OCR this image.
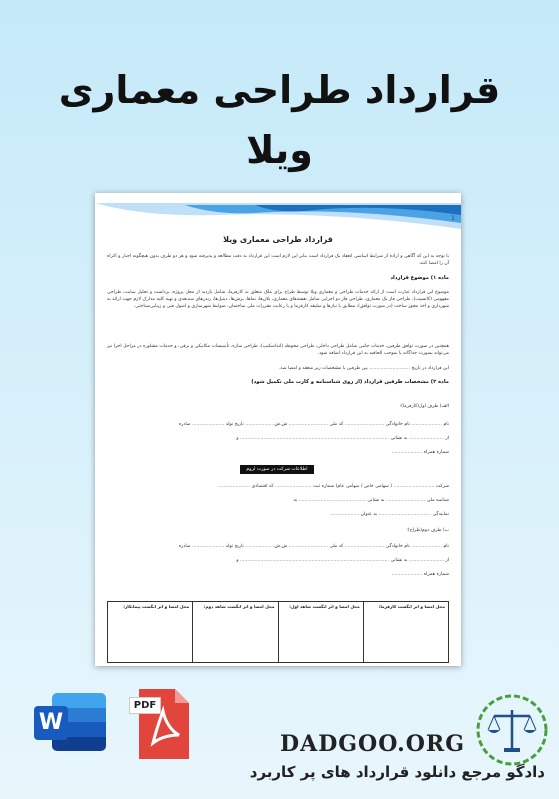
قرارداد طراحی معماری
ویلا
1
قرارداد طراحی معماری ویلا
با توجه به این که آگاهی و اراده از شرایط اساسی انعقاد یک قرارداد است بنابر این لازم است این قرارداد به دقت مطالعه و پذیرفته شود و هر دو طرف بدون هیچگونه اجبار و اکراه آن را امضا کنند.
ماده ۱) موضوع قرارداد
موضوع این قرارداد عبارت است از ارائه خدمات طراحی و معماری ویلا توسط طراح برای ملک متعلق به کارفرما، شامل بازدید از محل پروژه، برداشت و تحلیل سایت، طراحی مفهومی (کانسپت)، طراحی فاز یک معماری، طراحی فاز دو اجرایی شامل نقشه‌های معماری، پلان‌ها، نماها، برش‌ها، دیتیل‌ها، رندرهای سه‌بعدی و تهیه کلیه مدارک لازم جهت ارائه به شهرداری و اخذ مجوز ساخت (در صورت توافق)، مطابق با نیازها و سلیقه کارفرما و با رعایت مقررات ملی ساختمان، ضوابط شهرسازی و اصول فنی و زیبایی‌شناختی.
همچنین در صورت توافق طرفین، خدمات جانبی شامل طراحی داخلی، طراحی محوطه (لنداسکیپ)، طراحی سازه، تأسیسات مکانیکی و برقی، و خدمات مشاوره در مراحل اجرا نیز می‌تواند بصورت جداگانه یا بموجب الحاقیه به این قرارداد اضافه شود.
این قرارداد در تاریخ ............................ بین طرفین با مشخصات زیر منعقد و امضا شد.
ماده ۲) مشخصات طرفین قرارداد (از روی شناسنامه و کارت ملی تکمیل شود)
الف) طرف اول(کارفرما):
نام ..................... نام خانوادگی ........................... کد ملی ........................... ش.ش ................... تاریخ تولد ...................... صادره
از ........................ به نشانی ...................................................................................................... و
شماره همراه .....................
اطلاعات شرکت در صورت لزوم
شرکت ............................ ( سهامی خاص / سهامی عام) شماره ثبت ......................... کد اقتصادی ......................
شناسه ملی ........................... به نشانی .............................................. به
نمایندگی .................................... به عنوان ....................
ب) طرف دوم(طراح):
نام ..................... نام خانوادگی ........................... کد ملی ........................... ش.ش ................... تاریخ تولد ...................... صادره
از ........................ به نشانی ...................................................................................................... و
شماره همراه .....................
محل امضا و اثر انگشت کارفرما:
محل امضا و اثر انگشت شاهد اول:
محل امضا و اثر انگشت شاهد دوم:
محل امضا و اثر انگشت پیمانکار:
W
PDF
DADGOO.ORG
دادگو مرجع دانلود قرارداد های پر کاربرد
